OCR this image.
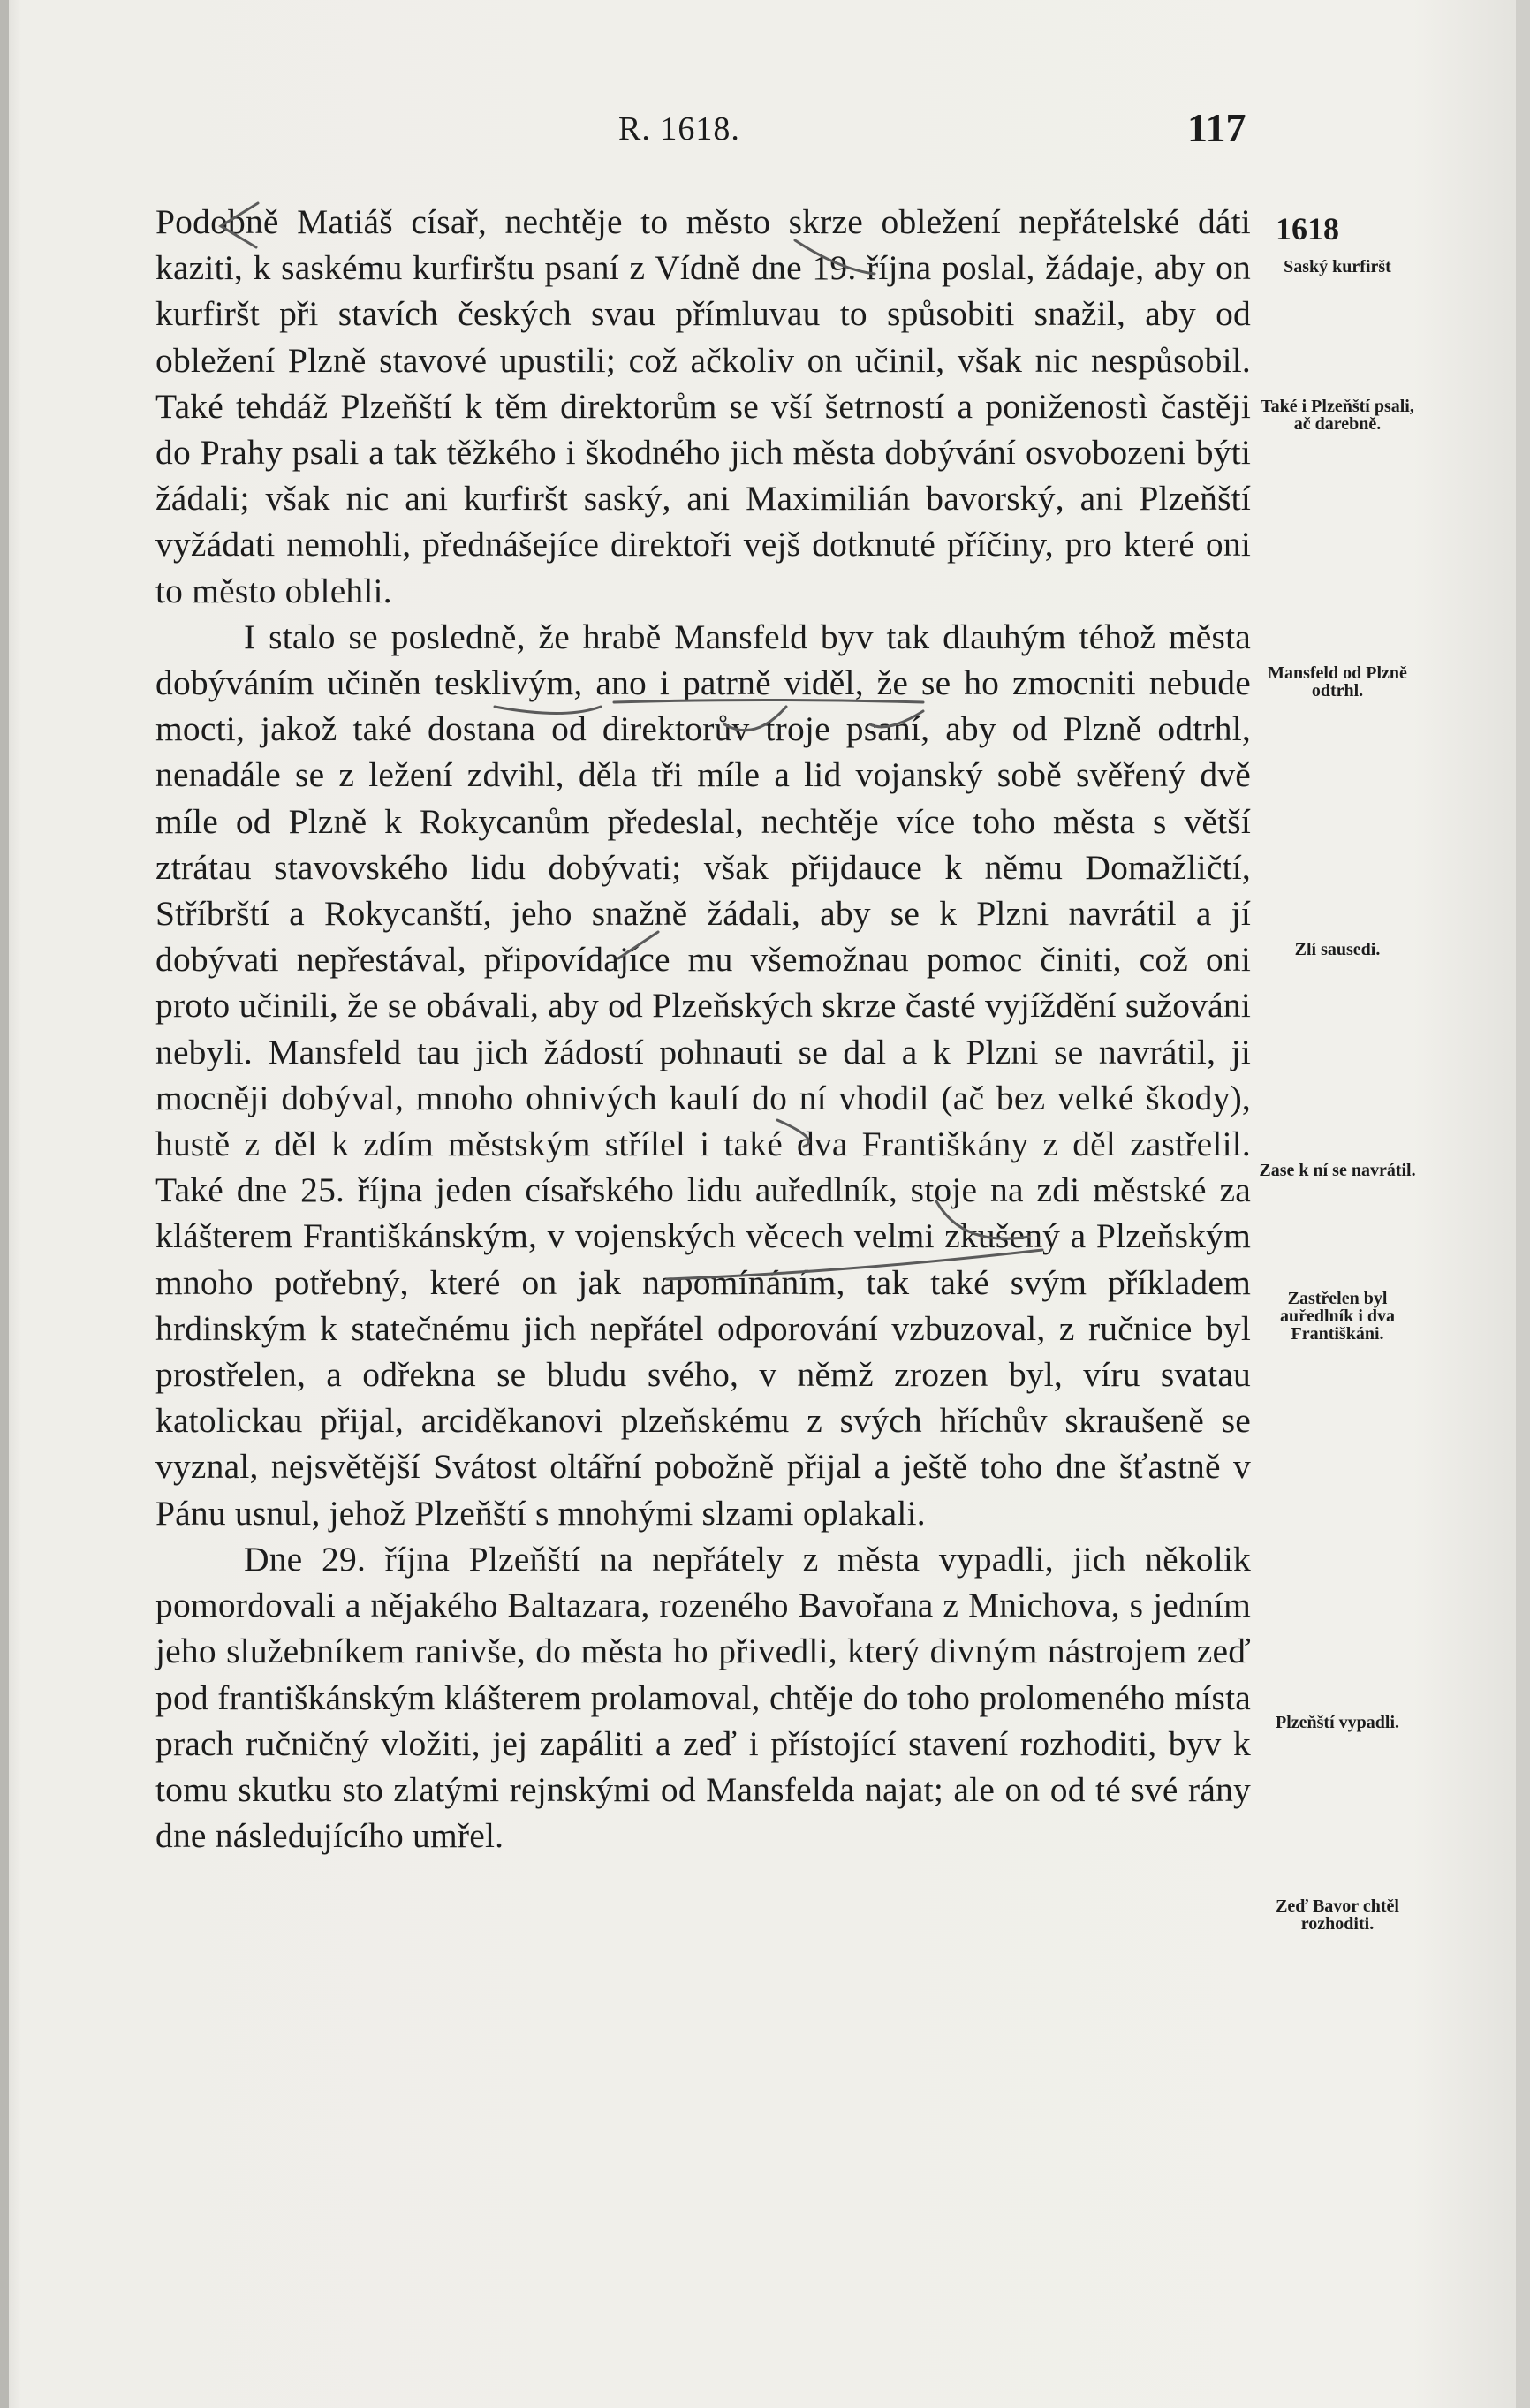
R. 1618.	117

Podobně Matiáš císař, nechtěje to město skrze obležení nepřátelské dáti kaziti, k saskému kurfirštu psaní z Vídně dne 19. října poslal, žádaje, aby on kurfiršt při stavích českých svau přímluvau to spůsobiti snažil, aby od obležení Plzně stavové upustili; což ačkoliv on učinil, však nic nespůsobil. Také tehdáž Plzeňští k těm direktorům se vší šetrností a poniženostì častěji do Prahy psali a tak těžkého i škodného jich města dobývání osvobozeni býti žádali; však nic ani kurfiršt saský, ani Maximilián bavorský, ani Plzeňští vyžádati nemohli, přednášejíce direktoři vejš dotknuté příčiny, pro které oni to město oblehli.

I stalo se posledně, že hrabě Mansfeld byv tak dlauhým téhož města dobýváním učiněn tesklivým, ano i patrně viděl, že se ho zmocniti nebude mocti, jakož také dostana od direktorův troje psaní, aby od Plzně odtrhl, nenadále se z ležení zdvihl, děla tři míle a lid vojanský sobě svěřený dvě míle od Plzně k Rokycanům předeslal, nechtěje více toho města s větší ztrátau stavovského lidu dobývati; však přijdauce k němu Domažličtí, Stříbrští a Rokycanští, jeho snažně žádali, aby se k Plzni navrátil a jí dobývati nepřestával, připovídajíce mu všemožnau pomoc činiti, což oni proto učinili, že se obávali, aby od Plzeňských skrze časté vyjíždění sužováni nebyli. Mansfeld tau jich žádostí pohnauti se dal a k Plzni se navrátil, ji mocněji dobýval, mnoho ohnivých kaulí do ní vhodil (ač bez velké škody), hustě z děl k zdím městským střílel i také dva Františkány z děl zastřelil. Také dne 25. října jeden císařského lidu auředlník, stoje na zdi městské za klášterem Františkánským, v vojenských věcech velmi zkušený a Plzeňským mnoho potřebný, které on jak napomínáním, tak také svým příkladem hrdinským k statečnému jich nepřátel odporování vzbuzoval, z ručnice byl prostřelen, a odřekna se bludu svého, v němž zrozen byl, víru svatau katolickau přijal, arciděkanovi plzeňskému z svých hříchův skraušeně se vyznal, nejsvětější Svátost oltářní pobožně přijal a ještě toho dne šťastně v Pánu usnul, jehož Plzeňští s mnohými slzami oplakali.

Dne 29. října Plzeňští na nepřátely z města vypadli, jich několik pomordovali a nějakého Baltazara, rozeného Bavořana z Mnichova, s jedním jeho služebníkem ranivše, do města ho přivedli, který divným nástrojem zeď pod františkánským klášterem prolamoval, chtěje do toho prolomeného místa prach ručničný vložiti, jej zapáliti a zeď i přístojící stavení rozhoditi, byv k tomu skutku sto zlatými rejnskými od Mansfelda najat; ale on od té své rány dne následujícího umřel.

1618
Saský kurfiršt
Také i Plzeňští psali, ač darebně.
Mansfeld od Plzně odtrhl.
Zlí sausedi.
Zase k ní se navrátil.
Zastřelen byl auředlník i dva Františkáni.
Plzeňští vypadli.
Zeď Bavor chtěl rozhoditi.
